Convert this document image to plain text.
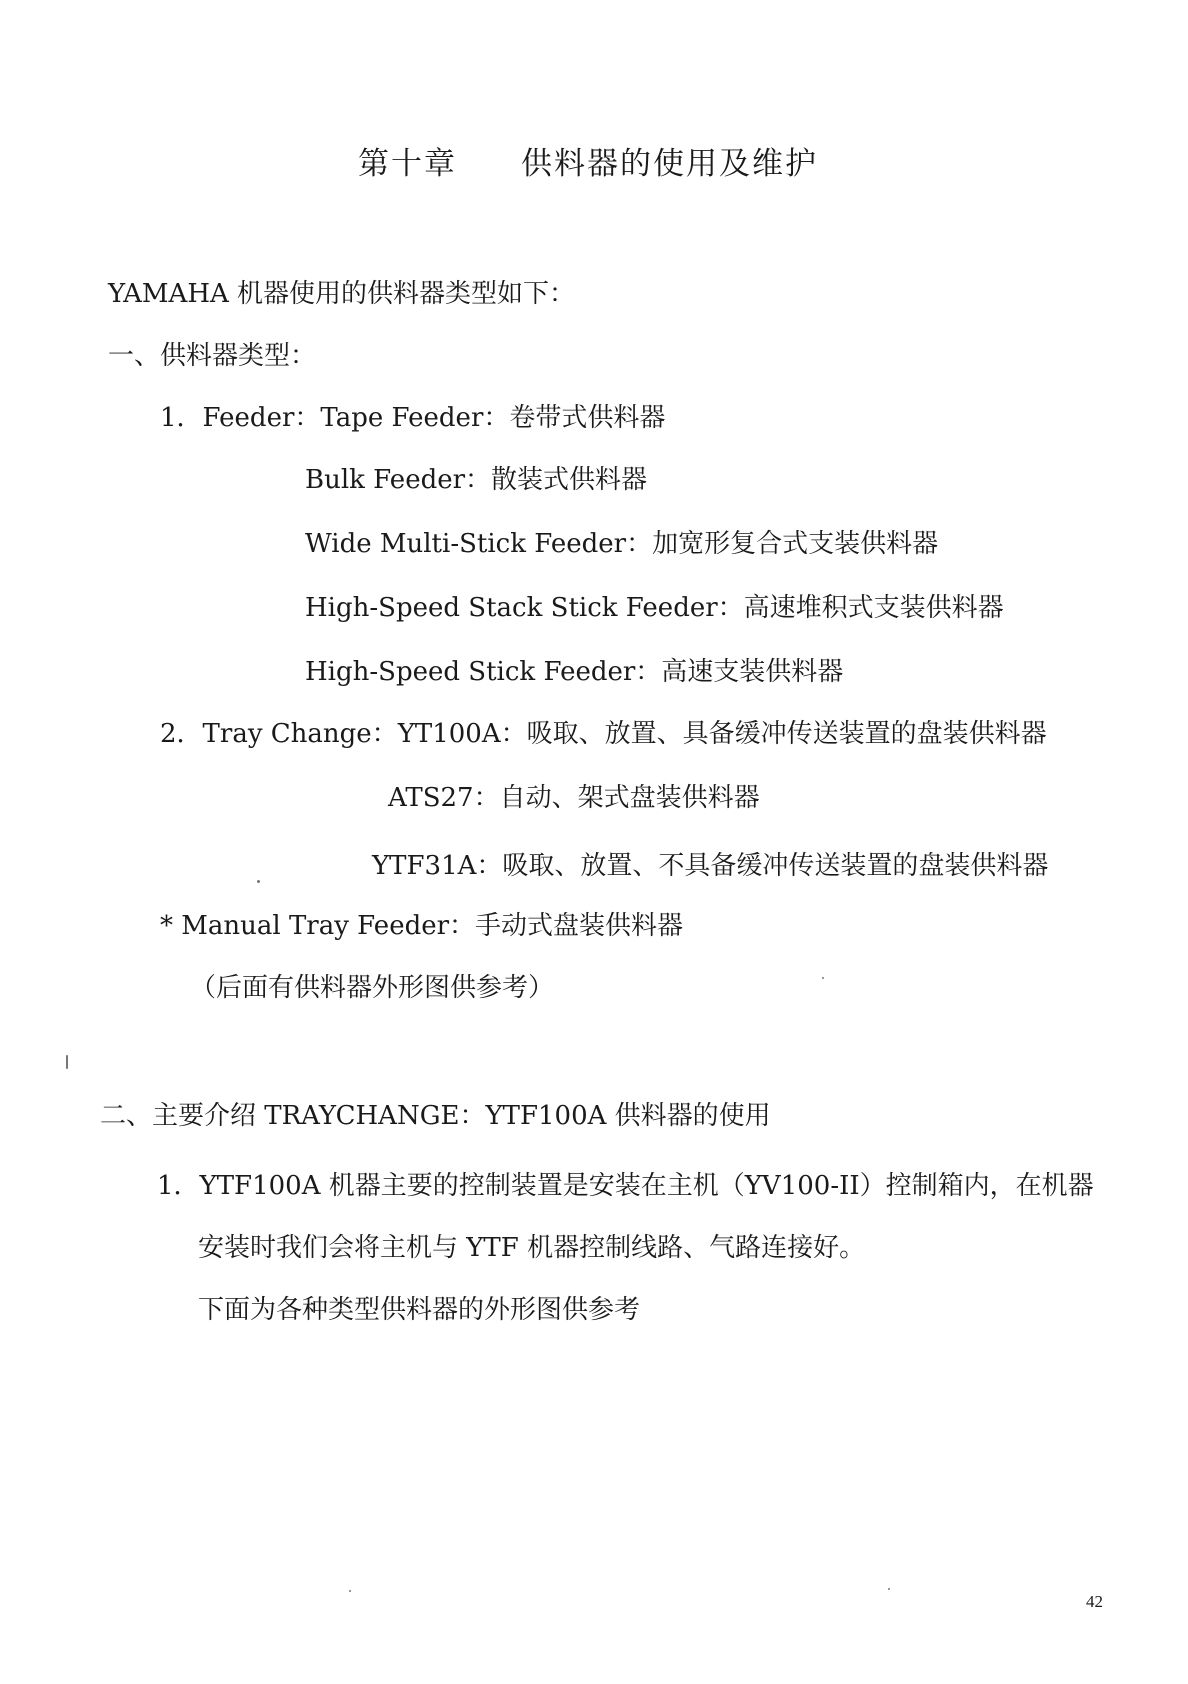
第十章 供料器的使用及维护
YAMAHA 机器使用的供料器类型如下：
一、供料器类型：
1．Feeder：Tape Feeder：卷带式供料器
Bulk Feeder：散装式供料器
Wide Multi-Stick Feeder：加宽形复合式支装供料器
High-Speed Stack Stick Feeder：高速堆积式支装供料器
High-Speed Stick Feeder：高速支装供料器
2．Tray Change：YT100A：吸取、放置、具备缓冲传送装置的盘装供料器
ATS27：自动、架式盘装供料器
YTF31A：吸取、放置、不具备缓冲传送装置的盘装供料器
* Manual Tray Feeder：手动式盘装供料器
（后面有供料器外形图供参考）
二、主要介绍 TRAYCHANGE：YTF100A 供料器的使用
1．YTF100A 机器主要的控制装置是安装在主机（YV100-II）控制箱内，在机器
安装时我们会将主机与 YTF 机器控制线路、气路连接好。
下面为各种类型供料器的外形图供参考
42
